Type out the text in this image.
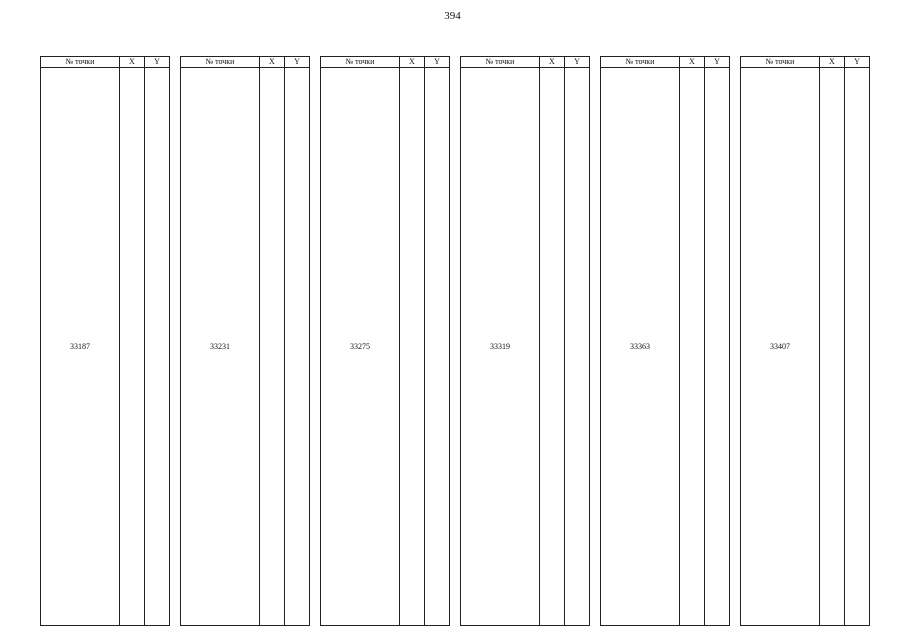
394
№ точки	X	Y
33187		
№ точки	X	Y
33231		
№ точки	X	Y
33275		
№ точки	X	Y
33319		
№ точки	X	Y
33363		
№ точки	X	Y
33407		
